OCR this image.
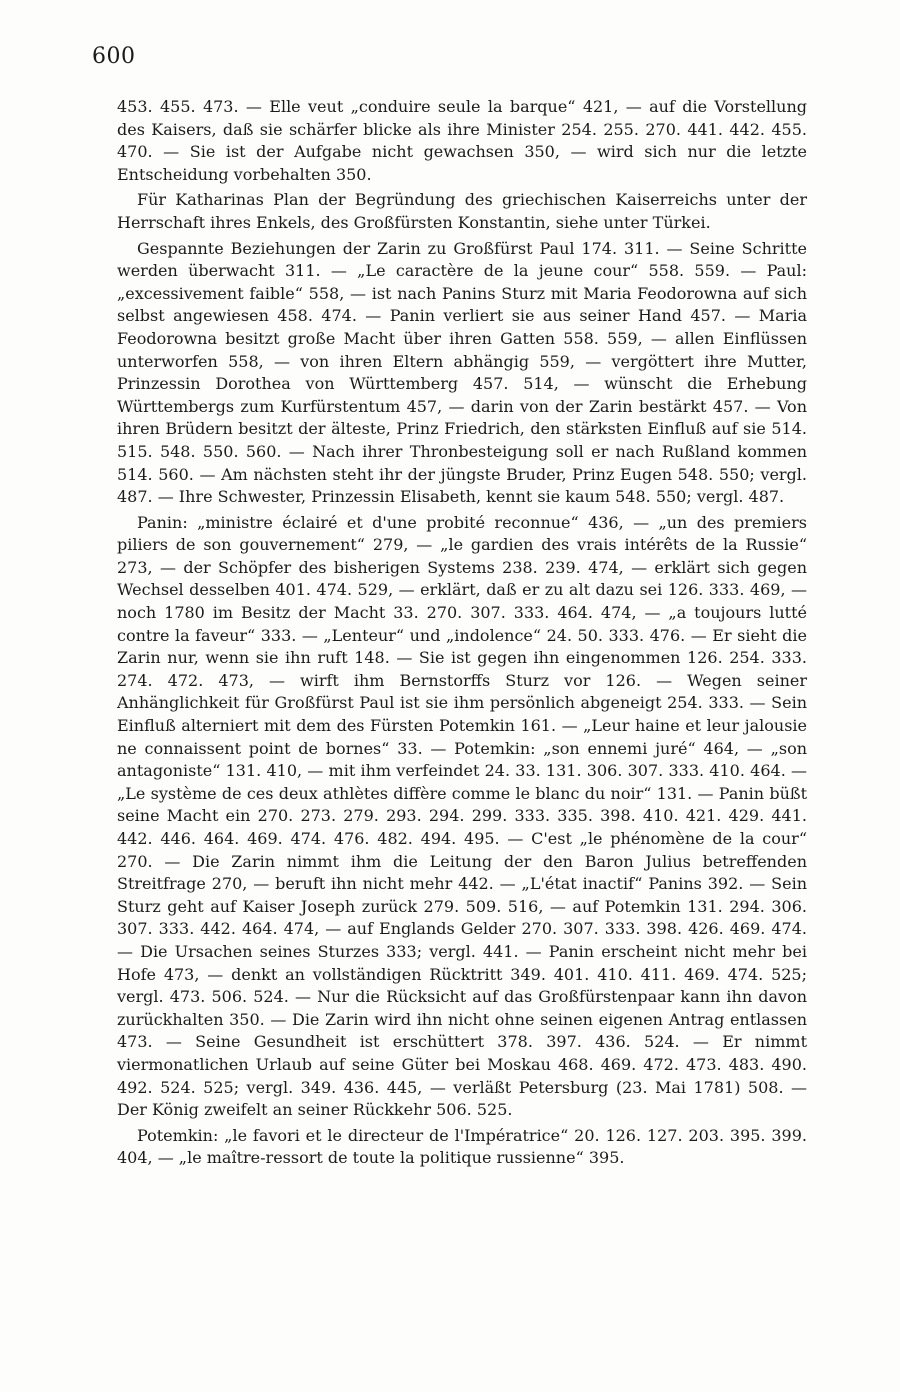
600

453. 455. 473. — Elle veut „conduire seule la barque“ 421, — auf die Vorstellung des Kaisers, daß sie schärfer blicke als ihre Minister 254. 255. 270. 441. 442. 455. 470. — Sie ist der Aufgabe nicht gewachsen 350, — wird sich nur die letzte Entscheidung vorbehalten 350.

Für Katharinas Plan der Begründung des griechischen Kaiserreichs unter der Herrschaft ihres Enkels, des Großfürsten Konstantin, siehe unter Türkei.

Gespannte Beziehungen der Zarin zu Großfürst Paul 174. 311. — Seine Schritte werden überwacht 311. — „Le caractère de la jeune cour“ 558. 559. — Paul: „excessivement faible“ 558, — ist nach Panins Sturz mit Maria Feodorowna auf sich selbst angewiesen 458. 474. — Panin verliert sie aus seiner Hand 457. — Maria Feodorowna besitzt große Macht über ihren Gatten 558. 559, — allen Einflüssen unterworfen 558, — von ihren Eltern abhängig 559, — vergöttert ihre Mutter, Prinzessin Dorothea von Württemberg 457. 514, — wünscht die Erhebung Württembergs zum Kurfürstentum 457, — darin von der Zarin bestärkt 457. — Von ihren Brüdern besitzt der älteste, Prinz Friedrich, den stärksten Einfluß auf sie 514. 515. 548. 550. 560. — Nach ihrer Thronbesteigung soll er nach Rußland kommen 514. 560. — Am nächsten steht ihr der jüngste Bruder, Prinz Eugen 548. 550; vergl. 487. — Ihre Schwester, Prinzessin Elisabeth, kennt sie kaum 548. 550; vergl. 487.

Panin: „ministre éclairé et d'une probité reconnue“ 436, — „un des premiers piliers de son gouvernement“ 279, — „le gardien des vrais intérêts de la Russie“ 273, — der Schöpfer des bisherigen Systems 238. 239. 474, — erklärt sich gegen Wechsel desselben 401. 474. 529, — erklärt, daß er zu alt dazu sei 126. 333. 469, — noch 1780 im Besitz der Macht 33. 270. 307. 333. 464. 474, — „a toujours lutté contre la faveur“ 333. — „Lenteur“ und „indolence“ 24. 50. 333. 476. — Er sieht die Zarin nur, wenn sie ihn ruft 148. — Sie ist gegen ihn eingenommen 126. 254. 333. 274. 472. 473, — wirft ihm Bernstorffs Sturz vor 126. — Wegen seiner Anhänglichkeit für Großfürst Paul ist sie ihm persönlich abgeneigt 254. 333. — Sein Einfluß alterniert mit dem des Fürsten Potemkin 161. — „Leur haine et leur jalousie ne connaissent point de bornes“ 33. — Potemkin: „son ennemi juré“ 464, — „son antagoniste“ 131. 410, — mit ihm verfeindet 24. 33. 131. 306. 307. 333. 410. 464. — „Le système de ces deux athlètes diffère comme le blanc du noir“ 131. — Panin büßt seine Macht ein 270. 273. 279. 293. 294. 299. 333. 335. 398. 410. 421. 429. 441. 442. 446. 464. 469. 474. 476. 482. 494. 495. — C'est „le phénomène de la cour“ 270. — Die Zarin nimmt ihm die Leitung der den Baron Julius betreffenden Streitfrage 270, — beruft ihn nicht mehr 442. — „L'état inactif“ Panins 392. — Sein Sturz geht auf Kaiser Joseph zurück 279. 509. 516, — auf Potemkin 131. 294. 306. 307. 333. 442. 464. 474, — auf Englands Gelder 270. 307. 333. 398. 426. 469. 474. — Die Ursachen seines Sturzes 333; vergl. 441. — Panin erscheint nicht mehr bei Hofe 473, — denkt an vollständigen Rücktritt 349. 401. 410. 411. 469. 474. 525; vergl. 473. 506. 524. — Nur die Rücksicht auf das Großfürstenpaar kann ihn davon zurückhalten 350. — Die Zarin wird ihn nicht ohne seinen eigenen Antrag entlassen 473. — Seine Gesundheit ist erschüttert 378. 397. 436. 524. — Er nimmt viermonatlichen Urlaub auf seine Güter bei Moskau 468. 469. 472. 473. 483. 490. 492. 524. 525; vergl. 349. 436. 445, — verläßt Petersburg (23. Mai 1781) 508. — Der König zweifelt an seiner Rückkehr 506. 525.

Potemkin: „le favori et le directeur de l'Impératrice“ 20. 126. 127. 203. 395. 399. 404, — „le maître-ressort de toute la politique russienne“ 395.
